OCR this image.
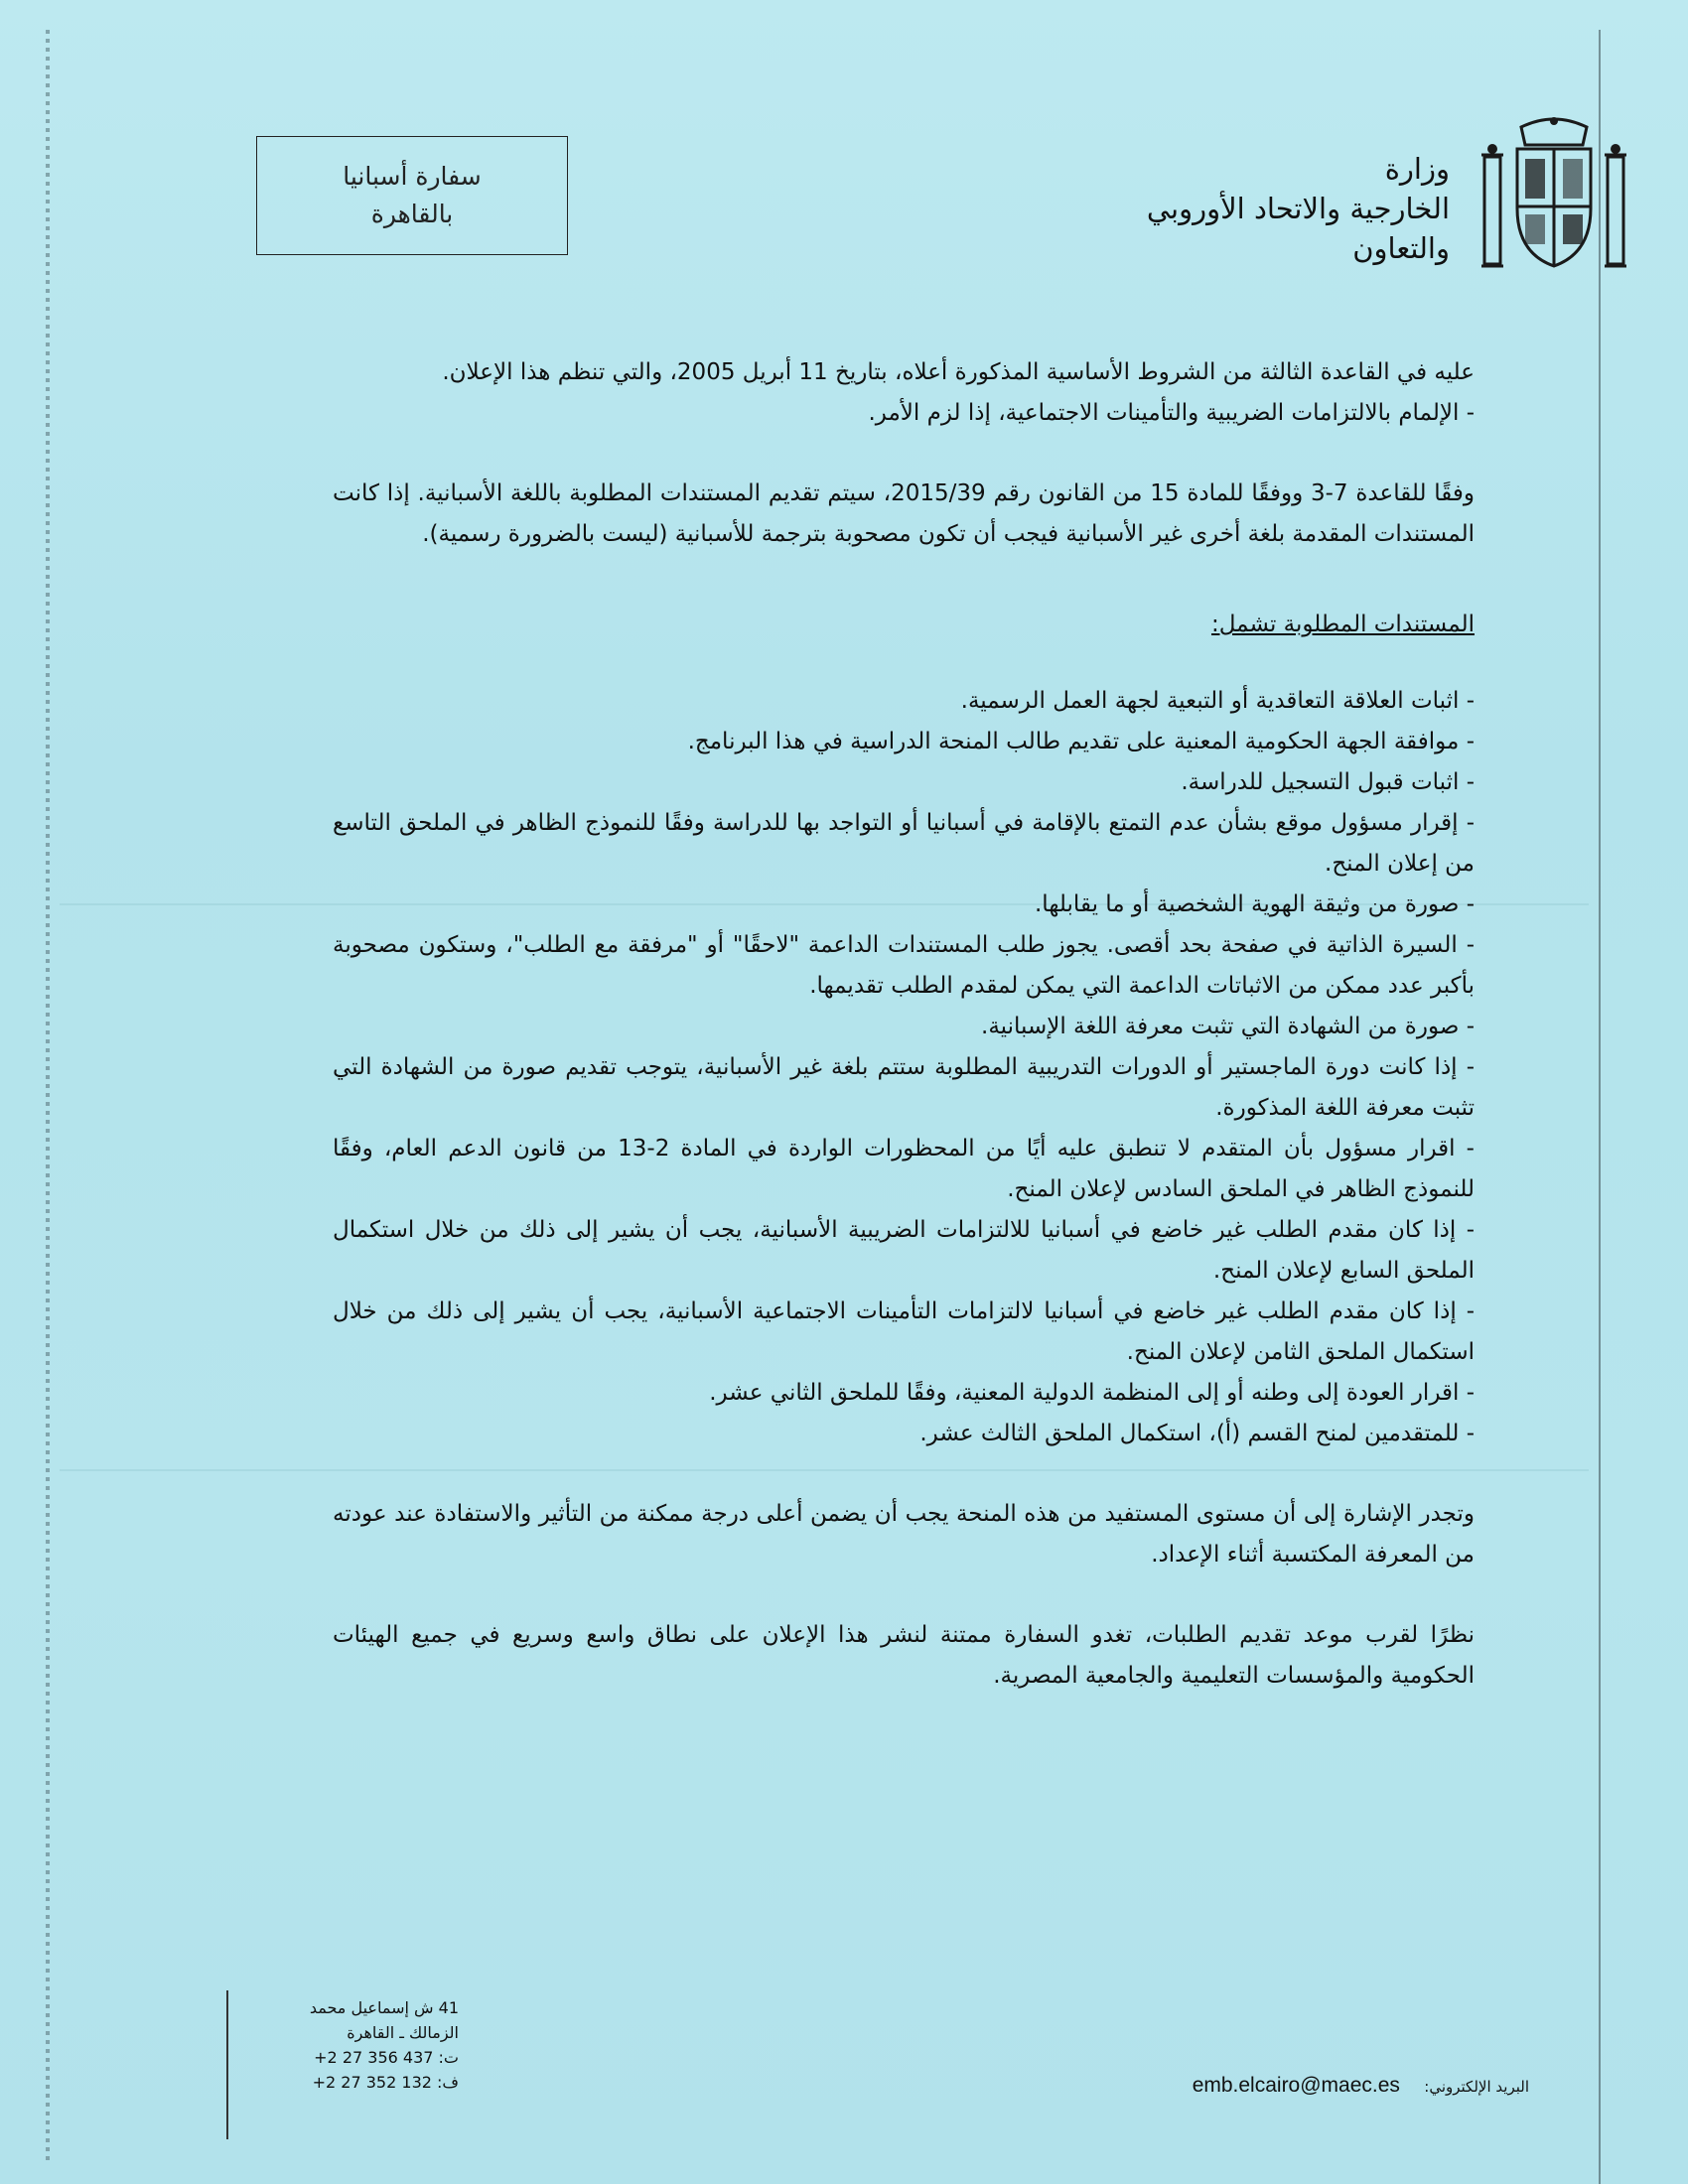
سفارة أسبانيا
بالقاهرة
وزارة
الخارجية والاتحاد الأوروبي
والتعاون

عليه في القاعدة الثالثة من الشروط الأساسية المذكورة أعلاه، بتاريخ 11 أبريل 2005، والتي تنظم هذا الإعلان.

- الإلمام بالالتزامات الضريبية والتأمينات الاجتماعية، إذا لزم الأمر.

وفقًا للقاعدة 7-3 ووفقًا للمادة 15 من القانون رقم 2015/39، سيتم تقديم المستندات المطلوبة باللغة الأسبانية. إذا كانت المستندات المقدمة بلغة أخرى غير الأسبانية فيجب أن تكون مصحوبة بترجمة للأسبانية (ليست بالضرورة رسمية).

المستندات المطلوبة تشمل:

- اثبات العلاقة التعاقدية أو التبعية لجهة العمل الرسمية.

- موافقة الجهة الحكومية المعنية على تقديم طالب المنحة الدراسية في هذا البرنامج.

- اثبات قبول التسجيل للدراسة.

- إقرار مسؤول موقع بشأن عدم التمتع بالإقامة في أسبانيا أو التواجد بها للدراسة وفقًا للنموذج الظاهر في الملحق التاسع من إعلان المنح.

- صورة من وثيقة الهوية الشخصية أو ما يقابلها.

- السيرة الذاتية في صفحة بحد أقصى. يجوز طلب المستندات الداعمة "لاحقًا" أو "مرفقة مع الطلب"، وستكون مصحوبة بأكبر عدد ممكن من الاثباتات الداعمة التي يمكن لمقدم الطلب تقديمها.

- صورة من الشهادة التي تثبت معرفة اللغة الإسبانية.

- إذا كانت دورة الماجستير أو الدورات التدريبية المطلوبة ستتم بلغة غير الأسبانية، يتوجب تقديم صورة من الشهادة التي تثبت معرفة اللغة المذكورة.

- اقرار مسؤول بأن المتقدم لا تنطبق عليه أيًا من المحظورات الواردة في المادة 2-13 من قانون الدعم العام، وفقًا للنموذج الظاهر في الملحق السادس لإعلان المنح.

- إذا كان مقدم الطلب غير خاضع في أسبانيا للالتزامات الضريبية الأسبانية، يجب أن يشير إلى ذلك من خلال استكمال الملحق السابع لإعلان المنح.

- إذا كان مقدم الطلب غير خاضع في أسبانيا لالتزامات التأمينات الاجتماعية الأسبانية، يجب أن يشير إلى ذلك من خلال استكمال الملحق الثامن لإعلان المنح.

- اقرار العودة إلى وطنه أو إلى المنظمة الدولية المعنية، وفقًا للملحق الثاني عشر.

- للمتقدمين لمنح القسم (أ)، استكمال الملحق الثالث عشر.

وتجدر الإشارة إلى أن مستوى المستفيد من هذه المنحة يجب أن يضمن أعلى درجة ممكنة من التأثير والاستفادة عند عودته من المعرفة المكتسبة أثناء الإعداد.

نظرًا لقرب موعد تقديم الطلبات، تغدو السفارة ممتنة لنشر هذا الإعلان على نطاق واسع وسريع في جميع الهيئات الحكومية والمؤسسات التعليمية والجامعية المصرية.

41 ش إسماعيل محمد
الزمالك ـ القاهرة
ت: 437 356 27 2+
ف: 132 352 27 2+	البريد الإلكتروني: emb.elcairo@maec.es
